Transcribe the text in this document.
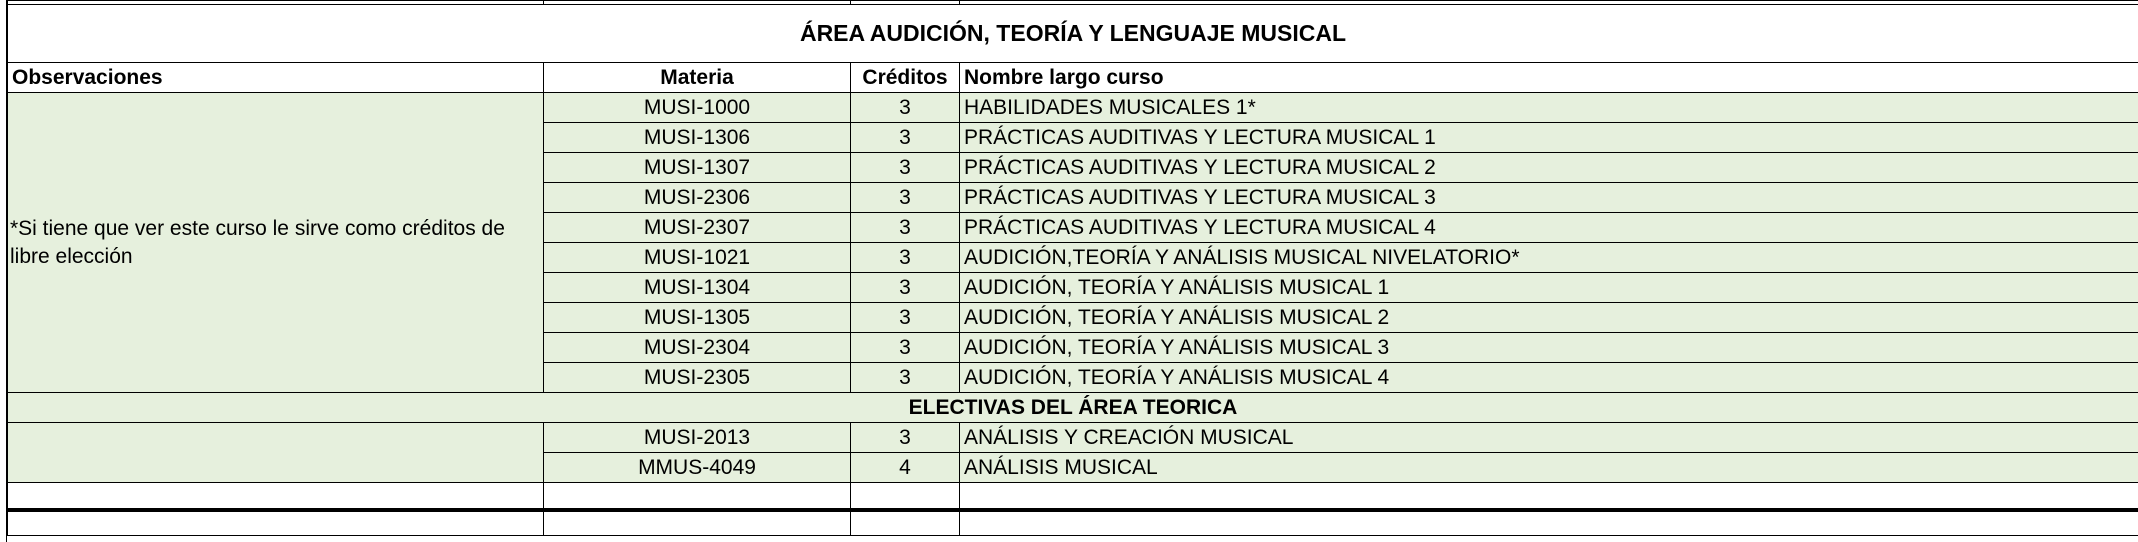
ÁREA AUDICIÓN, TEORÍA Y LENGUAJE MUSICAL			
Observaciones	Materia	Créditos	Nombre largo curso
*Si tiene que ver este curso le sirve como créditos de libre elección	MUSI-1000	3	HABILIDADES MUSICALES 1*
	MUSI-1306	3	PRÁCTICAS AUDITIVAS Y LECTURA MUSICAL 1
	MUSI-1307	3	PRÁCTICAS AUDITIVAS Y LECTURA MUSICAL 2
	MUSI-2306	3	PRÁCTICAS AUDITIVAS Y LECTURA MUSICAL 3
	MUSI-2307	3	PRÁCTICAS AUDITIVAS Y LECTURA MUSICAL 4
	MUSI-1021	3	AUDICIÓN,TEORÍA Y ANÁLISIS MUSICAL NIVELATORIO*
	MUSI-1304	3	AUDICIÓN, TEORÍA Y ANÁLISIS MUSICAL 1
	MUSI-1305	3	AUDICIÓN, TEORÍA Y ANÁLISIS MUSICAL 2
	MUSI-2304	3	AUDICIÓN, TEORÍA Y ANÁLISIS MUSICAL 3
	MUSI-2305	3	AUDICIÓN, TEORÍA Y ANÁLISIS MUSICAL 4
ELECTIVAS DEL ÁREA TEORICA			
	MUSI-2013	3	ANÁLISIS Y CREACIÓN MUSICAL
	MMUS-4049	4	ANÁLISIS MUSICAL
